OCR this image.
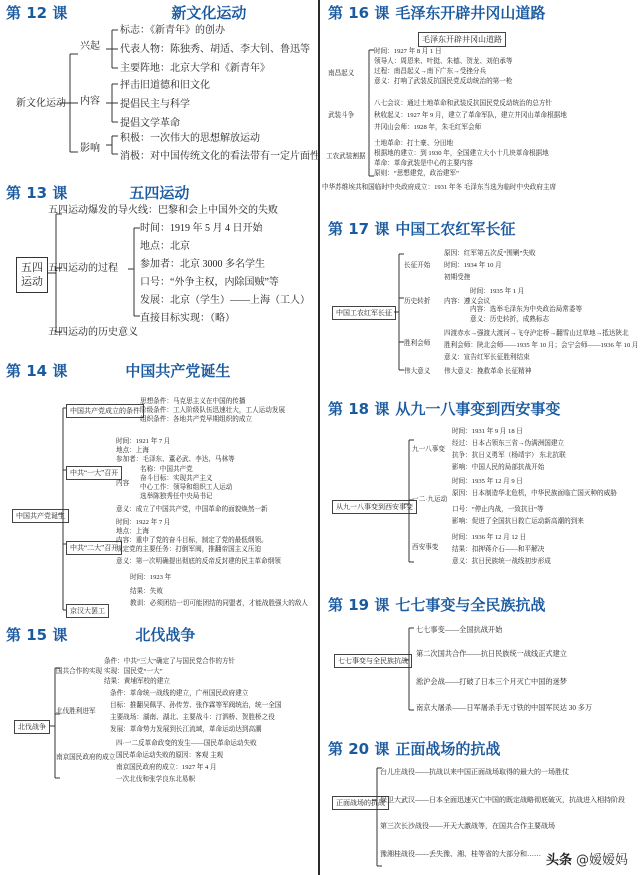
第 12 课	新文化运动
新文化运动
兴起
内容
影响
标志：《新青年》的创办
代表人物：陈独秀、胡适、李大钊、鲁迅等
主要阵地：北京大学和《新青年》
抨击旧道德和旧文化
提倡民主与科学
提倡文学革命
积极：一次伟大的思想解放运动
消极：对中国传统文化的看法带有一定片面性
第 13 课	五四运动
五四
运动
五四运动爆发的导火线：巴黎和会上中国外交的失败
五四运动的过程
五四运动的历史意义
时间：1919 年 5 月 4 日开始
地点：北京
参加者：北京 3000 多名学生
口号：“外争主权，内除国贼”等
发展：北京（学生）——上海（工人）
直接目标实现：（略）
第 14 课	中国共产党诞生
中国共产党诞生
中国共产党成立的条件
中共“一大”召开
中共“二大”召开
京汉大罢工
思想条件：马克思主义在中国的传播
阶级条件：工人阶级队伍迅速壮大，工人运动发展
组织条件：各地共产党早期组织的成立
时间：1921 年 7 月
地点：上海
参加者：毛泽东、董必武、李达、马林等
内容
名称：中国共产党
奋斗目标：实现共产主义
中心工作：领导和组织工人运动
选举陈独秀任中央局书记
意义：成立了中国共产党，中国革命的面貌焕然一新
时间：1922 年 7 月
地点：上海
内容：重申了党的奋斗目标，制定了党的最低纲领。
规定党的主要任务：打倒军阀，推翻帝国主义压迫
意义：第一次明确提出彻底的反帝反封建的民主革命纲领
时间：1923 年
结果：失败
教训：必须团结一切可能团结的同盟者，才能战胜强大的敌人
第 15 课	北伐战争
北伐战争
国共合作的实现
北伐胜利进军
南京国民政府的成立
条件：中共“三大”确定了与国民党合作的方针
实现：国民党“一大”
结果：黄埔军校的建立
条件：革命统一战线的建立，广州国民政府建立
目标：推翻吴佩孚、孙传芳、张作霖等军阀统治，统一全国
主要战场：湖南、湖北、主要战斗：汀泗桥、贺胜桥之役
发展：革命势力发展到长江流域，革命运动达到高潮
四·一二反革命政变的发生——国民革命运动失败
国民革命运动失败的原因：客观 主观
南京国民政府的成立：1927 年 4 月
一次北伐和张学良东北易帜
第 16 课 毛泽东开辟井冈山道路
毛泽东开辟井冈山道路
南昌起义
武装斗争
工农武装割据
时间：1927 年 8 月 1 日
领导人：周恩来、叶挺、朱德、贺龙、刘伯承等
过程：南昌起义→南下广东→受挫分兵
意义：打响了武装反抗国民党反动统治的第一枪
八七会议：通过土地革命和武装反抗国民党反动统治的总方针
秋收起义：1927 年 9 月，建立了革命军队，建立井冈山革命根据地
井冈山会师：1928 年，朱毛红军会师
土地革命：打土豪、分田地
根据地的建立：到 1930 年，全国建立大小十几块革命根据地
革命：革命武装是中心的主要内容
原则：“思想建党，政治建军”
中华苏维埃共和国临时中央政府成立：1931 年冬 毛泽东当选为临时中央政府主席
第 17 课 中国工农红军长征
中国工农红军长征
长征开始
历史转折
胜利会师
伟大意义
原因：红军第五次反“围剿”失败
时间：1934 年 10 月
初期受挫
时间：1935 年 1 月
内容：遵义会议
内容：选举毛泽东为中央政治局常委等
意义：历史转折，成熟标志
四渡赤水→强渡大渡河→飞夺泸定桥→翻雪山过草地→抵达陕北
胜利会师：陕北会师——1935 年 10 月；会宁会师——1936 年 10 月
意义：宣告红军长征胜利结束
伟大意义：挽救革命 长征精神
第 18 课 从九一八事变到西安事变
从九一八事变到西安事变
九一八事变
一二·九运动
西安事变
时间：1931 年 9 月 18 日
经过：日本占领东三省→伪满洲国建立
抗争：抗日义勇军（杨靖宇） 东北抗联
影响：中国人民的局部抗战开始
时间：1935 年 12 月 9 日
原因：日本制造华北危机，中华民族面临亡国灭种的威胁
口号：“停止内战，一致抗日”等
影响：促进了全国抗日救亡运动新高潮的到来
时间：1936 年 12 月 12 日
结果：扣押蒋介石——和平解决
意义：抗日民族统一战线初步形成
第 19 课 七七事变与全民族抗战
七七事变与全民族抗战
七七事变——全国抗战开始
第二次国共合作——抗日民族统一战线正式建立
淞沪会战——打破了日本三个月灭亡中国的迷梦
南京大屠杀——日军屠杀手无寸铁的中国军民达 30 多万
第 20 课 正面战场的抗战
正面战场的抗战
台儿庄战役——抗战以来中国正面战场取得的最大的一场胜仗
保卫大武汉——日本全面迅速灭亡中国的既定战略彻底破灭，抗战进入相持阶段
第三次长沙战役——开天大激战等，在国共合作主要战场
豫湘桂战役——丢失豫、湘、桂等省的大部分和…… 头条 @嫒嫒妈
